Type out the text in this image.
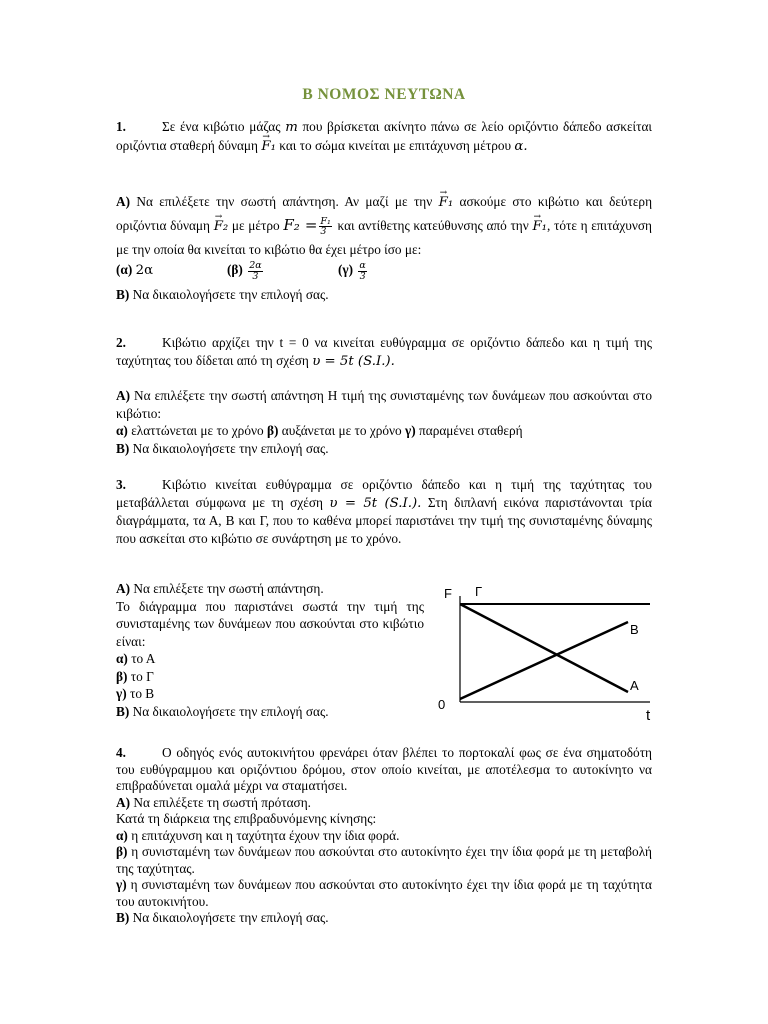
Β ΝΟΜΟΣ ΝΕΥΤΩΝΑ

1.	Σε ένα κιβώτιο μάζας m που βρίσκεται ακίνητο πάνω σε λείο οριζόντιο δάπεδο ασκείται οριζόντια σταθερή δύναμη → F₁ και το σώμα κινείται με επιτάχυνση μέτρου α.

Α) Να επιλέξετε την σωστή απάντηση. Αν μαζί με την → F₁ ασκούμε στο κιβώτιο και δεύτερη οριζόντια δύναμη → F₂ με μέτρο $F_2 = \frac{\text{F₁}}{3}$ και αντίθετης κατεύθυνσης από την → F₁, τότε η επιτάχυνση με την οποία θα κινείται το κιβώτιο θα έχει μέτρο ίσο με:

(α) 2α	$(\beta) \frac{2\alpha}{3}$	$(\gamma) \frac{\alpha}{3}$
Β) Να δικαιολογήσετε την επιλογή σας.

2.	Κιβώτιο αρχίζει την t = 0 να κινείται ευθύγραμμα σε οριζόντιο δάπεδο και η τιμή της ταχύτητας του δίδεται από τη σχέση υ = 5t (S.I.).

Α) Να επιλέξετε την σωστή απάντηση Η τιμή της συνισταμένης των δυνάμεων που ασκούνται στο κιβώτιο:
α) ελαττώνεται με το χρόνο β) αυξάνεται με το χρόνο γ) παραμένει σταθερή
Β) Να δικαιολογήσετε την επιλογή σας.

3.	Κιβώτιο κινείται ευθύγραμμα σε οριζόντιο δάπεδο και η τιμή της ταχύτητας του μεταβάλλεται σύμφωνα με τη σχέση υ = 5t (S.I.). Στη διπλανή εικόνα παριστάνονται τρία διαγράμματα, τα Α, Β και Γ, που το καθένα μπορεί παριστάνει την τιμή της συνισταμένης δύναμης που ασκείται στο κιβώτιο σε συνάρτηση με το χρόνο.

Α) Να επιλέξετε την σωστή απάντηση.
Το διάγραμμα που παριστάνει σωστά την τιμή της συνισταμένης των δυνάμεων που ασκούνται στο κιβώτιο είναι:
α) το Α
β) το Γ
γ) το Β
Β) Να δικαιολογήσετε την επιλογή σας.

F Γ
Β
Α
0
t

4.	Ο οδηγός ενός αυτοκινήτου φρενάρει όταν βλέπει το πορτοκαλί φως σε ένα σηματοδότη του ευθύγραμμου και οριζόντιου δρόμου, στον οποίο κινείται, με αποτέλεσμα το αυτοκίνητο να επιβραδύνεται ομαλά μέχρι να σταματήσει.
Α) Να επιλέξετε τη σωστή πρόταση.
Κατά τη διάρκεια της επιβραδυνόμενης κίνησης:
α) η επιτάχυνση και η ταχύτητα έχουν την ίδια φορά.
β) η συνισταμένη των δυνάμεων που ασκούνται στο αυτοκίνητο έχει την ίδια φορά με τη μεταβολή της ταχύτητας.
γ) η συνισταμένη των δυνάμεων που ασκούνται στο αυτοκίνητο έχει την ίδια φορά με τη ταχύτητα του αυτοκινήτου.
Β) Να δικαιολογήσετε την επιλογή σας.
